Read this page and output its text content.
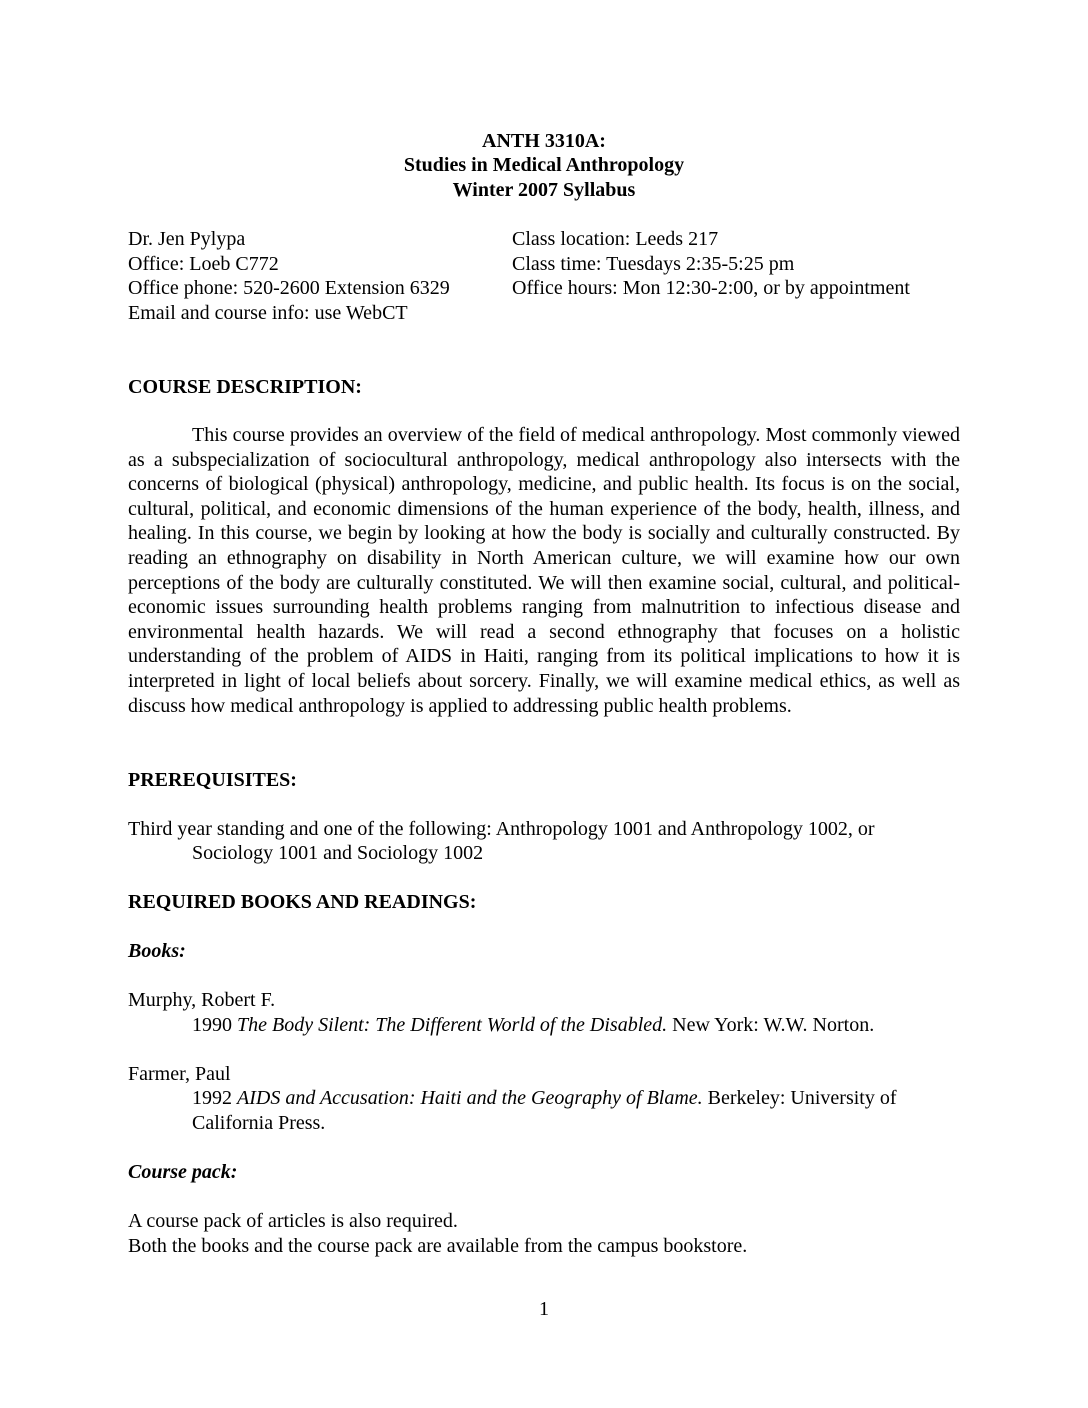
ANTH 3310A:
Studies in Medical Anthropology
Winter 2007 Syllabus
Dr. Jen Pylypa
Office: Loeb C772
Office phone: 520-2600 Extension 6329
Email and course info: use WebCT
Class location: Leeds 217
Class time: Tuesdays 2:35-5:25 pm
Office hours: Mon 12:30-2:00, or by appointment
COURSE DESCRIPTION:
This course provides an overview of the field of medical anthropology. Most commonly viewed as a subspecialization of sociocultural anthropology, medical anthropology also intersects with the concerns of biological (physical) anthropology, medicine, and public health. Its focus is on the social, cultural, political, and economic dimensions of the human experience of the body, health, illness, and healing. In this course, we begin by looking at how the body is socially and culturally constructed. By reading an ethnography on disability in North American culture, we will examine how our own perceptions of the body are culturally constituted. We will then examine social, cultural, and political-economic issues surrounding health problems ranging from malnutrition to infectious disease and environmental health hazards. We will read a second ethnography that focuses on a holistic understanding of the problem of AIDS in Haiti, ranging from its political implications to how it is interpreted in light of local beliefs about sorcery. Finally, we will examine medical ethics, as well as discuss how medical anthropology is applied to addressing public health problems.
PREREQUISITES:
Third year standing and one of the following: Anthropology 1001 and Anthropology 1002, or
Sociology 1001 and Sociology 1002
REQUIRED BOOKS AND READINGS:
Books:
Murphy, Robert F.
1990 The Body Silent: The Different World of the Disabled. New York: W.W. Norton.
Farmer, Paul
1992 AIDS and Accusation: Haiti and the Geography of Blame. Berkeley: University of
California Press.
Course pack:
A course pack of articles is also required.
Both the books and the course pack are available from the campus bookstore.
1
